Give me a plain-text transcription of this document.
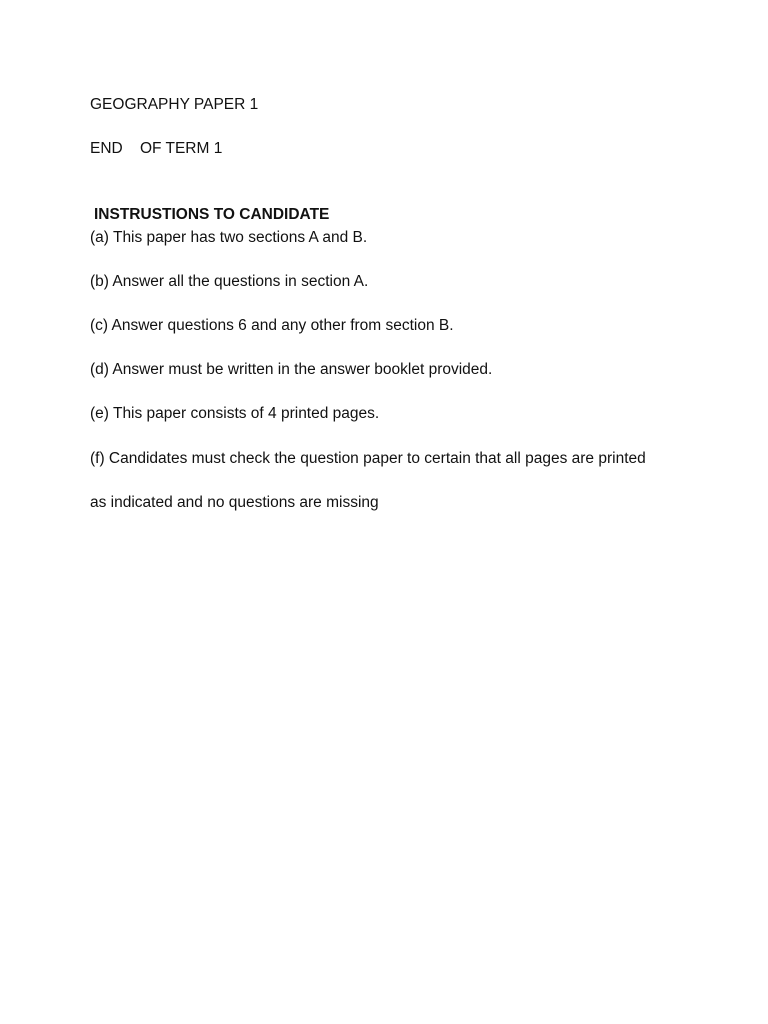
GEOGRAPHY PAPER 1
END    OF TERM 1
INSTRUSTIONS TO CANDIDATE
(a) This paper has two sections A and B.
(b) Answer all the questions in section A.
(c) Answer questions 6 and any other from section B.
(d) Answer must be written in the answer booklet provided.
(e) This paper consists of 4 printed pages.
(f) Candidates must check the question paper to certain that all pages are printed
as indicated and no questions are missing
